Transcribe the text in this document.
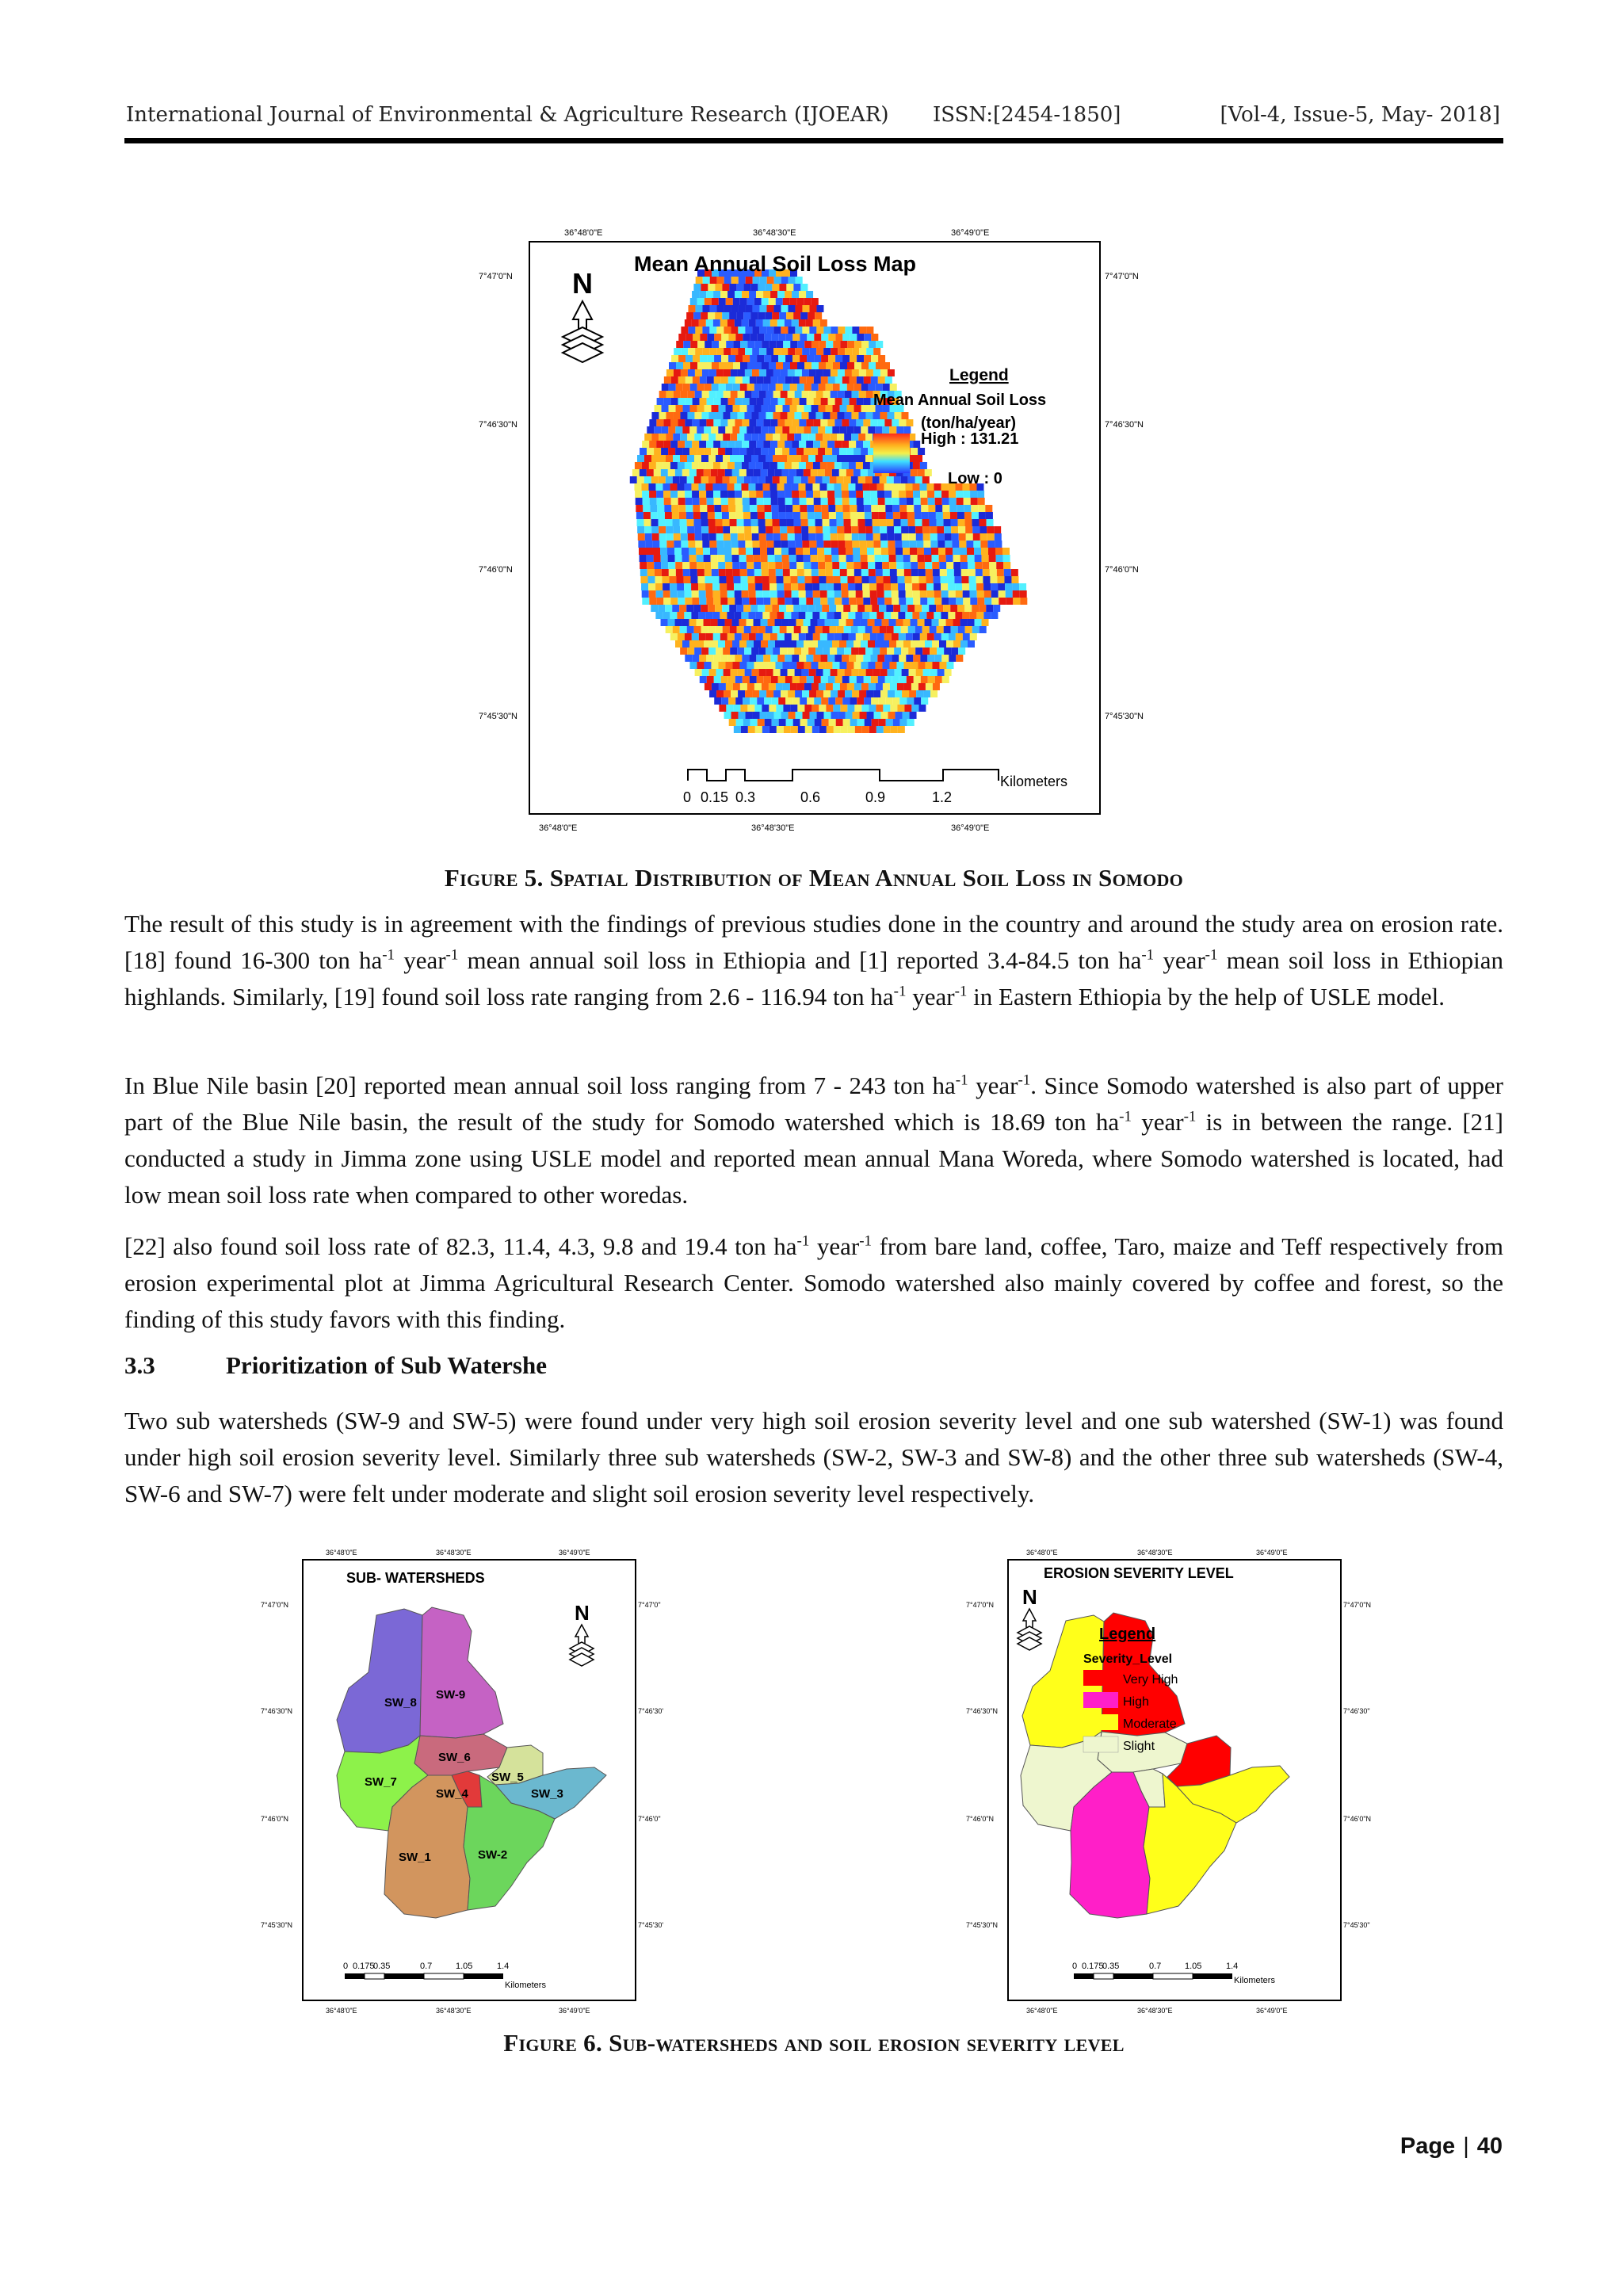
International Journal of Environmental & Agriculture Research (IJOEAR) ISSN:[2454-1850]	[Vol-4, Issue-5, May- 2018]
Mean Annual Soil Loss Map
N
Legend
Mean Annual Soil Loss
(ton/ha/year)
High : 131.21
Low : 0
0 0.15 0.3	0.6	0.9	1.2
Kilometers
36°48'0"E	36°48'30"E	36°49'0"E
36°48'0"E	36°48'30"E	36°49'0"E
7°47'0"N
7°46'30"N
7°46'0"N
7°45'30"N
7°47'0"N
7°46'30"N
7°46'0"N
7°45'30"N
Figure 5. Spatial Distribution of Mean Annual Soil Loss in Somodo
The result of this study is in agreement with the findings of previous studies done in the country and around the study area on erosion rate. [18] found 16-300 ton $ha^{-1}$ year$^{-1}$ mean annual soil loss in Ethiopia and [1] reported 3.4-84.5 ton $ha^{-1}$ year$^{-1}$ mean soil loss in Ethiopian highlands. Similarly, [19] found soil loss rate ranging from 2.6 - 116.94 ton $ha^{-1}$ year$^{-1}$ in Eastern Ethiopia by the help of USLE model.
In Blue Nile basin [20] reported mean annual soil loss ranging from 7 - 243 ton $ha^{-1}$ year$^{-1}$. Since Somodo watershed is also part of upper part of the Blue Nile basin, the result of the study for Somodo watershed which is 18.69 ton $ha^{-1}$ year$^{-1}$ is in between the range. [21] conducted a study in Jimma zone using USLE model and reported mean annual Mana Woreda, where Somodo watershed is located, had low mean soil loss rate when compared to other woredas.
[22] also found soil loss rate of 82.3, 11.4, 4.3, 9.8 and 19.4 ton $ha^{-1}$ year$^{-1}$ from bare land, coffee, Taro, maize and Teff respectively from erosion experimental plot at Jimma Agricultural Research Center. Somodo watershed also mainly covered by coffee and forest, so the finding of this study favors with this finding.
3.3	Prioritization of Sub Watershe
Two sub watersheds (SW-9 and SW-5) were found under very high soil erosion severity level and one sub watershed (SW-1) was found under high soil erosion severity level. Similarly three sub watersheds (SW-2, SW-3 and SW-8) and the other three sub watersheds (SW-4, SW-6 and SW-7) were felt under moderate and slight soil erosion severity level respectively.
SUB- WATERSHEDS
N
SW_8
SW-9
SW_6
SW_7	SW_5
SW_4	SW_3
SW_1	SW-2
0 0.175
0.35	0.7	1.05	1.4
Kilometers
36°48'0"E	36°48'30"E	36°49'0"E
36°48'0"E	36°48'30"E	36°49'0"E
7°47'0"N
7°46'30"N
7°46'0"N
7°45'30"N
7°47'0"
7°46'30'
7°46'0"
7°45'30'
EROSION SEVERITY LEVEL
N
Legend
Severity_Level
Very High
High
Moderate
Slight
0 0.175
0.35	0.7	1.05	1.4
Kilometers
36°48'0"E	36°48'30"E	36°49'0"E
36°48'0"E	36°48'30"E	36°49'0"E
7°47'0"N
7°46'30"N
7°46'0"N
7°45'30"N
7°47'0"N
7°46'30"
7°46'0"N
7°45'30"
Figure 6. Sub-watersheds and soil erosion severity level
Page | 40
